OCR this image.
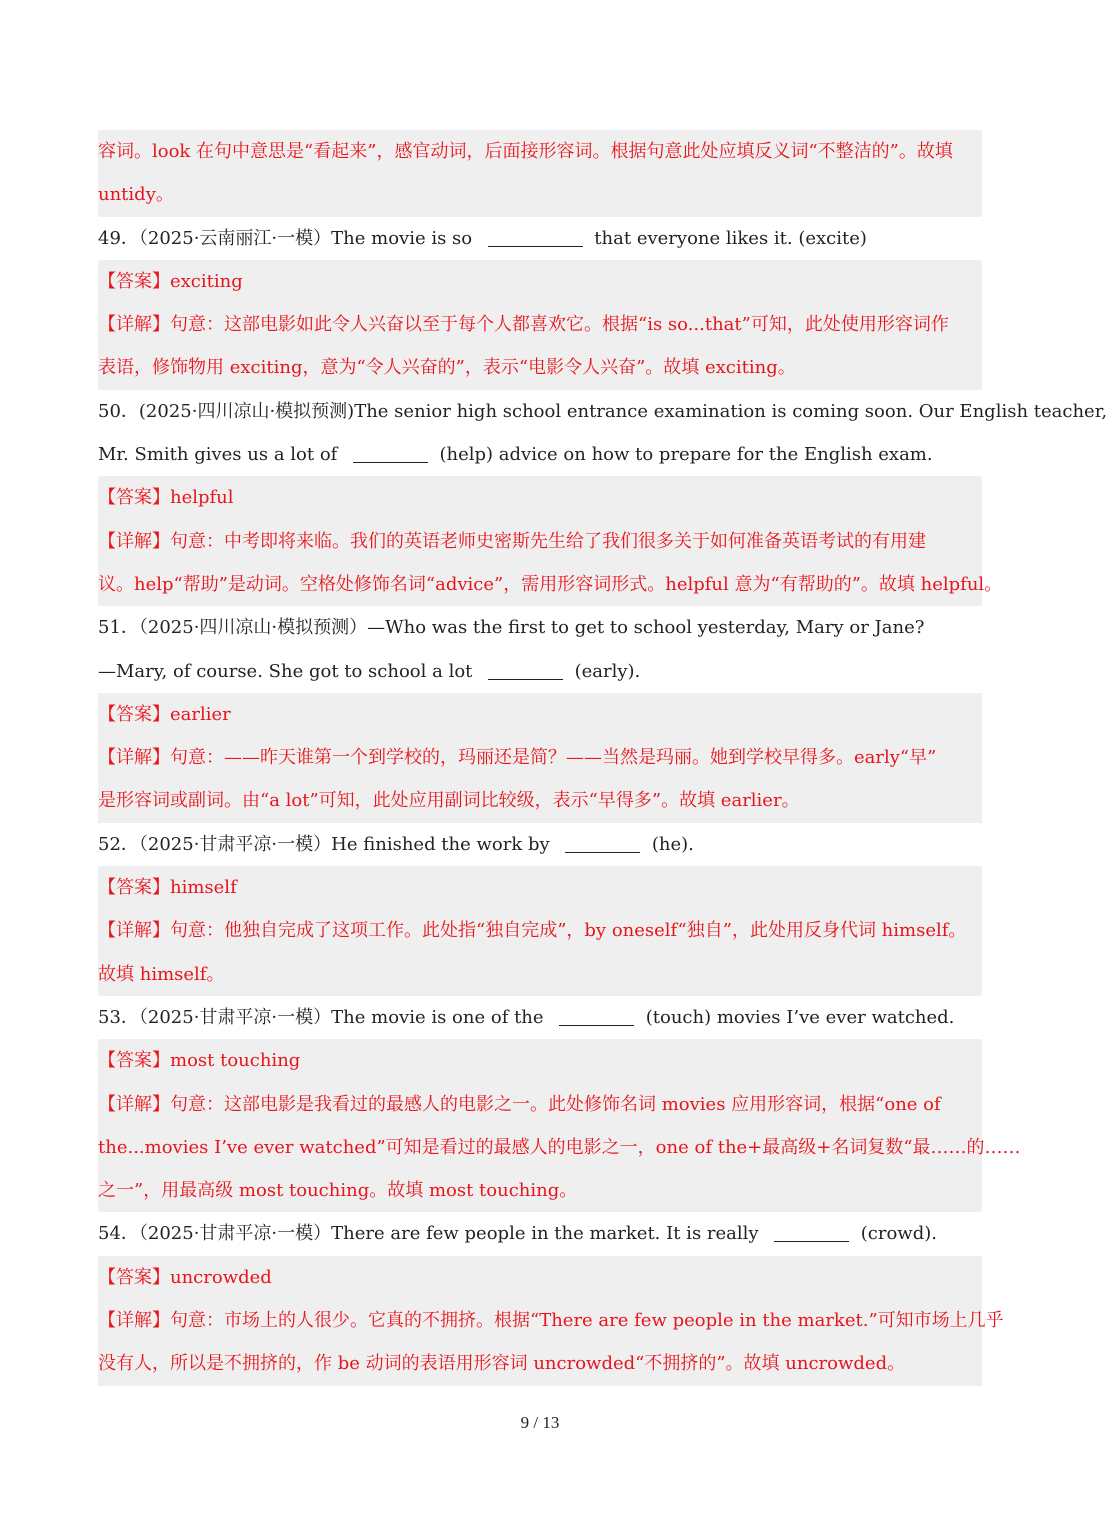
容词。look 在句中意思是“看起来”，感官动词，后面接形容词。根据句意此处应填反义词“不整洁的”。故填
untidy。
49．（2025·云南丽江·一模）The movie is so	that everyone likes it. (excite)
【答案】exciting
【详解】句意：这部电影如此令人兴奋以至于每个人都喜欢它。根据“is so...that”可知，此处使用形容词作
表语，修饰物用 exciting，意为“令人兴奋的”，表示“电影令人兴奋”。故填 exciting。
50．(2025·四川凉山·模拟预测)The senior high school entrance examination is coming soon. Our English teacher,
Mr. Smith gives us a lot of	(help) advice on how to prepare for the English exam.
【答案】helpful
【详解】句意：中考即将来临。我们的英语老师史密斯先生给了我们很多关于如何准备英语考试的有用建
议。help“帮助”是动词。空格处修饰名词“advice”，需用形容词形式。helpful 意为“有帮助的”。故填 helpful。
51．（2025·四川凉山·模拟预测）—Who was the first to get to school yesterday, Mary or Jane?
—Mary, of course. She got to school a lot	(early).
【答案】earlier
【详解】句意：——昨天谁第一个到学校的，玛丽还是简？——当然是玛丽。她到学校早得多。early“早”
是形容词或副词。由“a lot”可知，此处应用副词比较级，表示“早得多”。故填 earlier。
52．（2025·甘肃平凉·一模）He finished the work by	(he).
【答案】himself
【详解】句意：他独自完成了这项工作。此处指“独自完成”，by oneself“独自”，此处用反身代词 himself。
故填 himself。
53．（2025·甘肃平凉·一模）The movie is one of the	(touch) movies I’ve ever watched.
【答案】most touching
【详解】句意：这部电影是我看过的最感人的电影之一。此处修饰名词 movies 应用形容词，根据“one of
the...movies I’ve ever watched”可知是看过的最感人的电影之一，one of the+最高级+名词复数“最……的……
之一”，用最高级 most touching。故填 most touching。
54．（2025·甘肃平凉·一模）There are few people in the market. It is really	(crowd).
【答案】uncrowded
【详解】句意：市场上的人很少。它真的不拥挤。根据“There are few people in the market.”可知市场上几乎
没有人，所以是不拥挤的，作 be 动词的表语用形容词 uncrowded“不拥挤的”。故填 uncrowded。
9 / 13
